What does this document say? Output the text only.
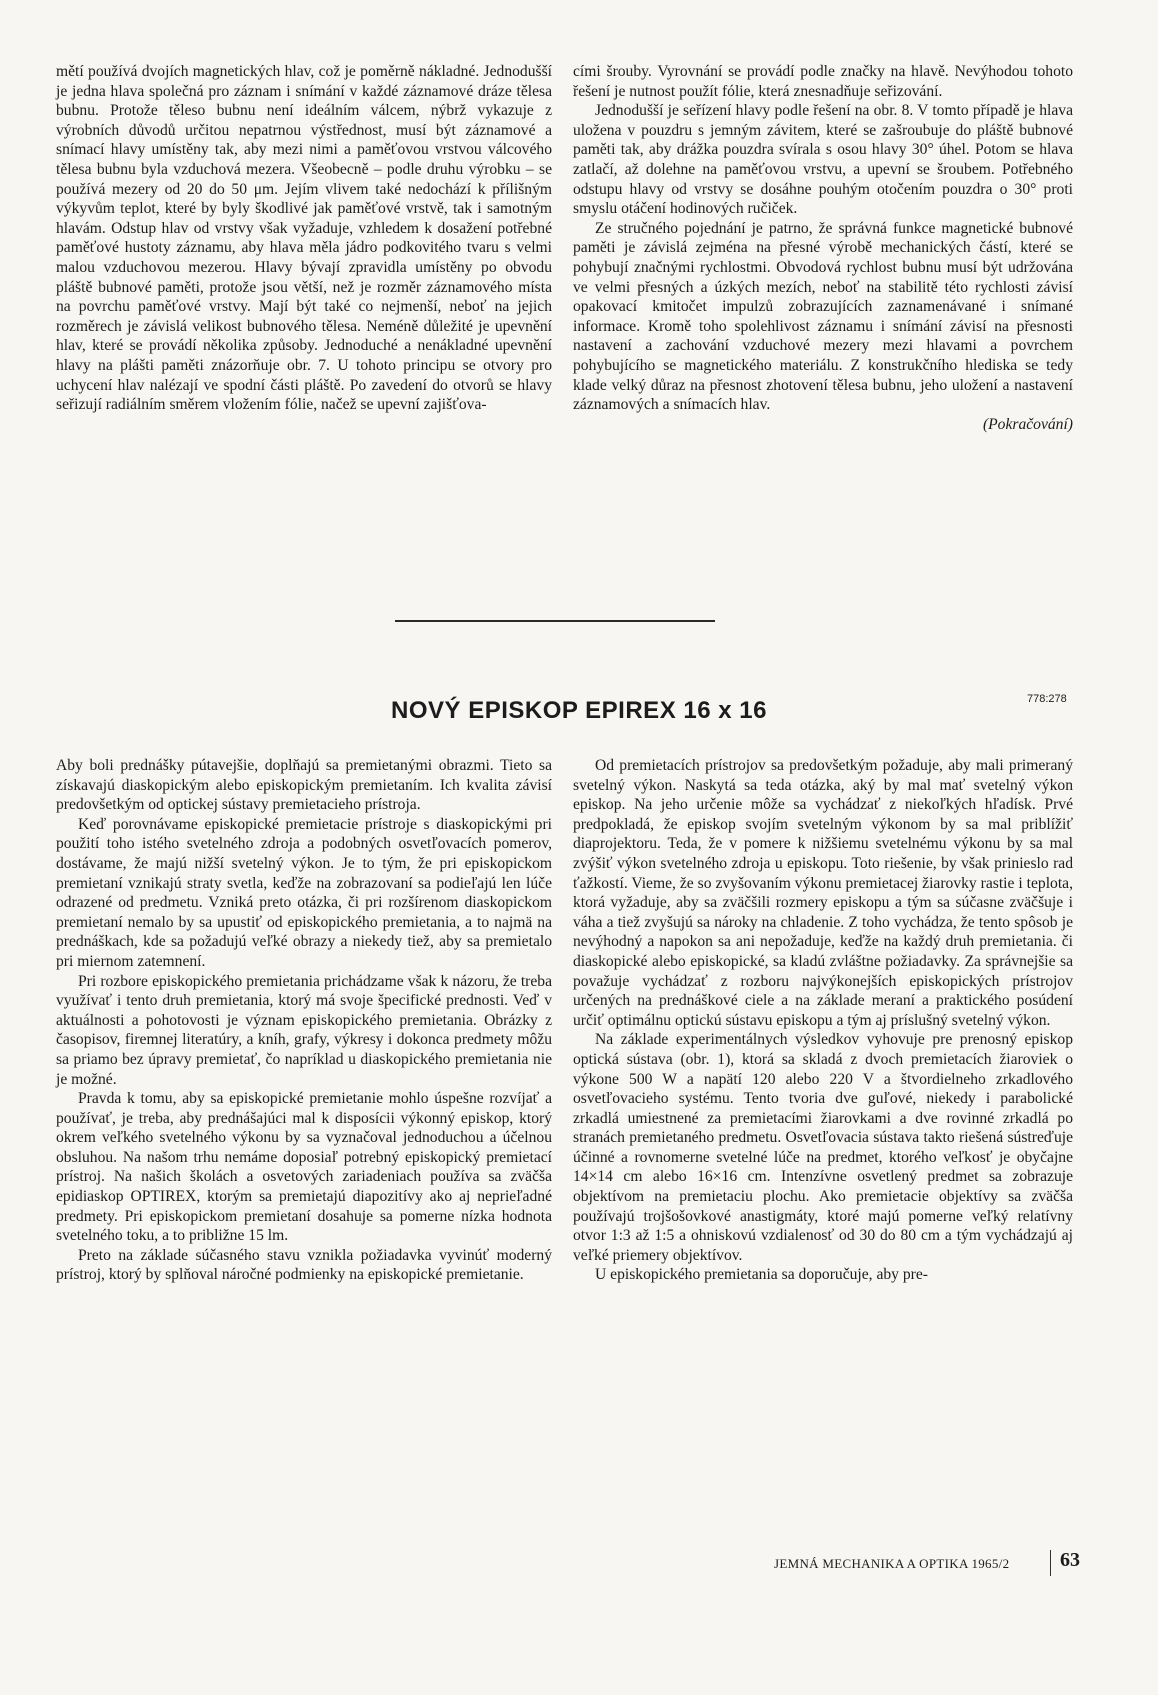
mětí používá dvojích magnetických hlav, což je poměrně nákladné. Jednodušší je jedna hlava společná pro záznam i snímání v každé záznamové dráze tělesa bubnu. Protože těleso bubnu není ideálním válcem, nýbrž vykazuje z výrobních důvodů určitou nepatrnou výstřednost, musí být záznamové a snímací hlavy umístěny tak, aby mezi nimi a paměťovou vrstvou válcového tělesa bubnu byla vzduchová mezera. Všeobecně – podle druhu výrobku – se používá mezery od 20 do 50 μm. Jejím vlivem také nedochází k přílišným výkyvům teplot, které by byly škodlivé jak paměťové vrstvě, tak i samotným hlavám. Odstup hlav od vrstvy však vyžaduje, vzhledem k dosažení potřebné paměťové hustoty záznamu, aby hlava měla jádro podkovitého tvaru s velmi malou vzduchovou mezerou. Hlavy bývají zpravidla umístěny po obvodu pláště bubnové paměti, protože jsou větší, než je rozměr záznamového místa na povrchu paměťové vrstvy. Mají být také co nejmenší, neboť na jejich rozměrech je závislá velikost bubnového tělesa. Neméně důležité je upevnění hlav, které se provádí několika způsoby. Jednoduché a nenákladné upevnění hlavy na plášti paměti znázorňuje obr. 7. U tohoto principu se otvory pro uchycení hlav nalézají ve spodní části pláště. Po zavedení do otvorů se hlavy seřizují radiálním směrem vložením fólie, načež se upevní zajišťova-

cími šrouby. Vyrovnání se provádí podle značky na hlavě. Nevýhodou tohoto řešení je nutnost použít fólie, která znesnadňuje seřizování.

Jednodušší je seřízení hlavy podle řešení na obr. 8. V tomto případě je hlava uložena v pouzdru s jemným závitem, které se zašroubuje do pláště bubnové paměti tak, aby drážka pouzdra svírala s osou hlavy 30° úhel. Potom se hlava zatlačí, až dolehne na paměťovou vrstvu, a upevní se šroubem. Potřebného odstupu hlavy od vrstvy se dosáhne pouhým otočením pouzdra o 30° proti smyslu otáčení hodinových ručiček.

Ze stručného pojednání je patrno, že správná funkce magnetické bubnové paměti je závislá zejména na přesné výrobě mechanických částí, které se pohybují značnými rychlostmi. Obvodová rychlost bubnu musí být udržována ve velmi přesných a úzkých mezích, neboť na stabilitě této rychlosti závisí opakovací kmitočet impulzů zobrazujících zaznamenávané i snímané informace. Kromě toho spolehlivost záznamu i snímání závisí na přesnosti nastavení a zachování vzduchové mezery mezi hlavami a povrchem pohybujícího se magnetického materiálu. Z konstrukčního hlediska se tedy klade velký důraz na přesnost zhotovení tělesa bubnu, jeho uložení a nastavení záznamových a snímacích hlav.

(Pokračování)

NOVÝ EPISKOP EPIREX 16 x 16	778:278

Aby boli prednášky pútavejšie, doplňajú sa premietanými obrazmi. Tieto sa získavajú diaskopickým alebo episkopickým premietaním. Ich kvalita závisí predovšetkým od optickej sústavy premietacieho prístroja.

Keď porovnávame episkopické premietacie prístroje s diaskopickými pri použití toho istého svetelného zdroja a podobných osvetľovacích pomerov, dostávame, že majú nižší svetelný výkon. Je to tým, že pri episkopickom premietaní vznikajú straty svetla, keďže na zobrazovaní sa podieľajú len lúče odrazené od predmetu. Vzniká preto otázka, či pri rozšírenom diaskopickom premietaní nemalo by sa upustiť od episkopického premietania, a to najmä na prednáškach, kde sa požadujú veľké obrazy a niekedy tiež, aby sa premietalo pri miernom zatemnení.

Pri rozbore episkopického premietania prichádzame však k názoru, že treba využívať i tento druh premietania, ktorý má svoje špecifické prednosti. Veď v aktuálnosti a pohotovosti je význam episkopického premietania. Obrázky z časopisov, firemnej literatúry, a kníh, grafy, výkresy i dokonca predmety môžu sa priamo bez úpravy premietať, čo napríklad u diaskopického premietania nie je možné.

Pravda k tomu, aby sa episkopické premietanie mohlo úspešne rozvíjať a používať, je treba, aby prednášajúci mal k disposícii výkonný episkop, ktorý okrem veľkého svetelného výkonu by sa vyznačoval jednoduchou a účelnou obsluhou. Na našom trhu nemáme doposiaľ potrebný episkopický premietací prístroj. Na našich školách a osvetových zariadeniach používa sa zväčša epidiaskop OPTIREX, ktorým sa premietajú diapozitívy ako aj neprieľadné predmety. Pri episkopickom premietaní dosahuje sa pomerne nízka hodnota svetelného toku, a to približne 15 lm.

Preto na základe súčasného stavu vznikla požiadavka vyvinúť moderný prístroj, ktorý by splňoval náročné podmienky na episkopické premietanie.

Od premietacích prístrojov sa predovšetkým požaduje, aby mali primeraný svetelný výkon. Naskytá sa teda otázka, aký by mal mať svetelný výkon episkop. Na jeho určenie môže sa vychádzať z niekoľkých hľadísk. Prvé predpokladá, že episkop svojím svetelným výkonom by sa mal priblížiť diaprojektoru. Teda, že v pomere k nižšiemu svetelnému výkonu by sa mal zvýšiť výkon svetelného zdroja u episkopu. Toto riešenie, by však prinieslo rad ťažkostí. Vieme, že so zvyšovaním výkonu premietacej žiarovky rastie i teplota, ktorá vyžaduje, aby sa zväčšili rozmery episkopu a tým sa súčasne zväčšuje i váha a tiež zvyšujú sa nároky na chladenie. Z toho vychádza, že tento spôsob je nevýhodný a napokon sa ani nepožaduje, keďže na každý druh premietania. či diaskopické alebo episkopické, sa kladú zvláštne požiadavky. Za správnejšie sa považuje vychádzať z rozboru najvýkonejších episkopických prístrojov určených na prednáškové ciele a na základe meraní a praktického posúdení určiť optimálnu optickú sústavu episkopu a tým aj príslušný svetelný výkon.

Na základe experimentálnych výsledkov vyhovuje pre prenosný episkop optická sústava (obr. 1), ktorá sa skladá z dvoch premietacích žiaroviek o výkone 500 W a napätí 120 alebo 220 V a štvordielneho zrkadlového osvetľovacieho systému. Tento tvoria dve guľové, niekedy i parabolické zrkadlá umiestnené za premietacími žiarovkami a dve rovinné zrkadlá po stranách premietaného predmetu. Osvetľovacia sústava takto riešená sústreďuje účinné a rovnomerne svetelné lúče na predmet, ktorého veľkosť je obyčajne 14×14 cm alebo 16×16 cm. Intenzívne osvetlený predmet sa zobrazuje objektívom na premietaciu plochu. Ako premietacie objektívy sa zväčša používajú trojšošovkové anastigmáty, ktoré majú pomerne veľký relatívny otvor 1:3 až 1:5 a ohniskovú vzdialenosť od 30 do 80 cm a tým vychádzajú aj veľké priemery objektívov.

U episkopického premietania sa doporučuje, aby pre-

JEMNÁ MECHANIKA A OPTIKA 1965/2	63
